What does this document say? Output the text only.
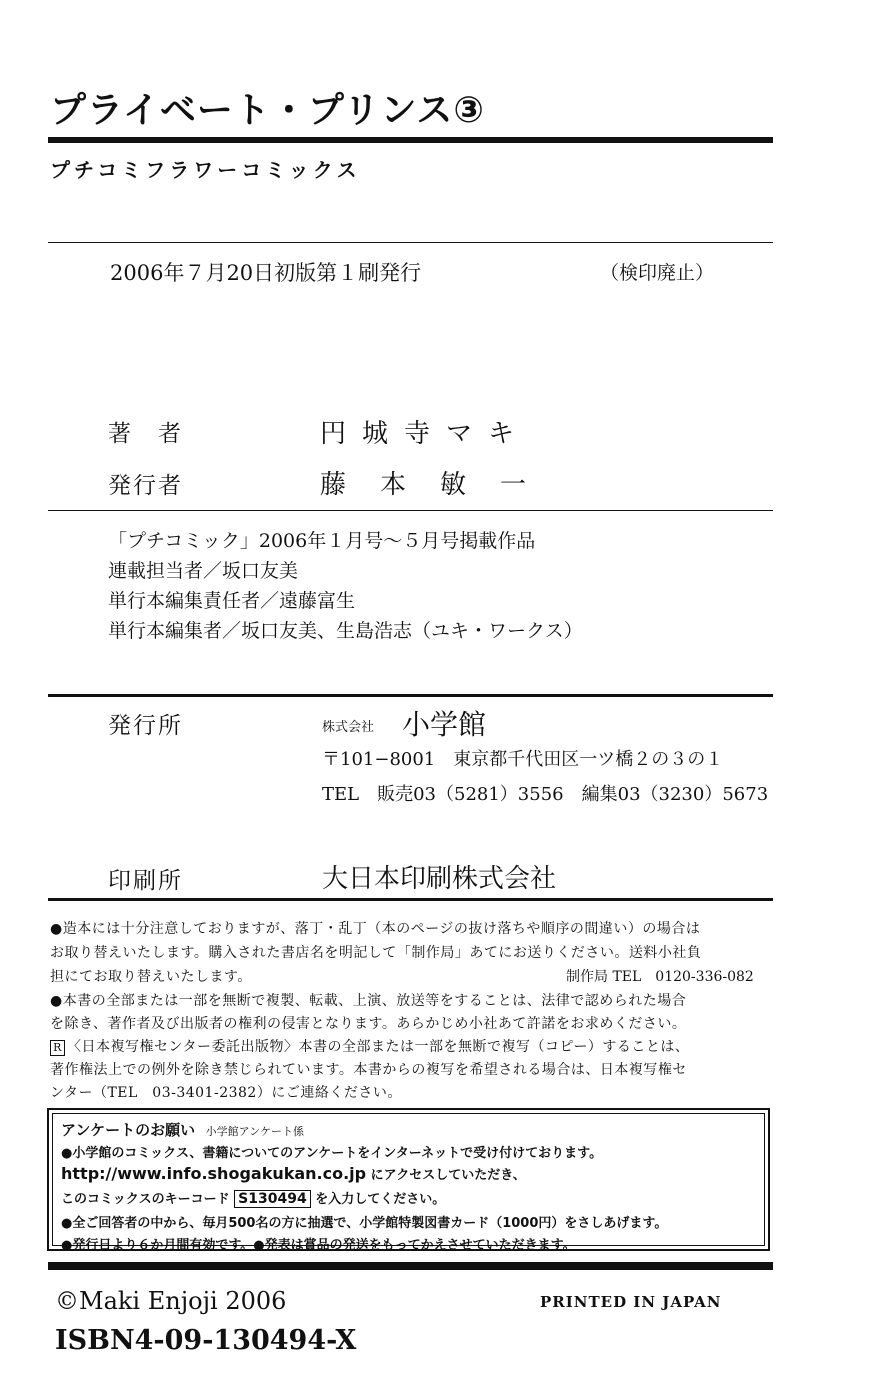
プライベート・プリンス③
プチコミフラワーコミックス
2006年７月20日初版第１刷発行	（検印廃止）
著　者	円城寺マキ
発行者	藤本敏一
「プチコミック」2006年１月号～５月号掲載作品
連載担当者／坂口友美
単行本編集責任者／遠藤富生
単行本編集者／坂口友美、生島浩志（ユキ・ワークス）
発行所	株式会社 小学館
〒101−8001　東京都千代田区一ツ橋２の３の１
TEL　販売03（5281）3556　編集03（3230）5673
印刷所	大日本印刷株式会社
●造本には十分注意しておりますが、落丁・乱丁（本のページの抜け落ちや順序の間違い）の場合は
お取り替えいたします。購入された書店名を明記して「制作局」あてにお送りください。送料小社負
担にてお取り替えいたします。	制作局 TEL　0120-336-082
●本書の全部または一部を無断で複製、転載、上演、放送等をすることは、法律で認められた場合
を除き、著作者及び出版者の権利の侵害となります。あらかじめ小社あて許諾をお求めください。
R 〈日本複写権センター委託出版物〉本書の全部または一部を無断で複写（コピー）することは、
著作権法上での例外を除き禁じられています。本書からの複写を希望される場合は、日本複写権セ
ンター（TEL　03-3401-2382）にご連絡ください。
アンケートのお願い 小学館アンケート係
●小学館のコミックス、書籍についてのアンケートをインターネットで受け付けております。
http://www.info.shogakukan.co.jp にアクセスしていただき、
このコミックスのキーコード S130494 を入力してください。
●全ご回答者の中から、毎月500名の方に抽選で、小学館特製図書カード（1000円）をさしあげます。
●発行日より６か月間有効です。●発表は賞品の発送をもってかえさせていただきます。
©Maki Enjoji 2006	PRINTED IN JAPAN
ISBN4-09-130494-X
